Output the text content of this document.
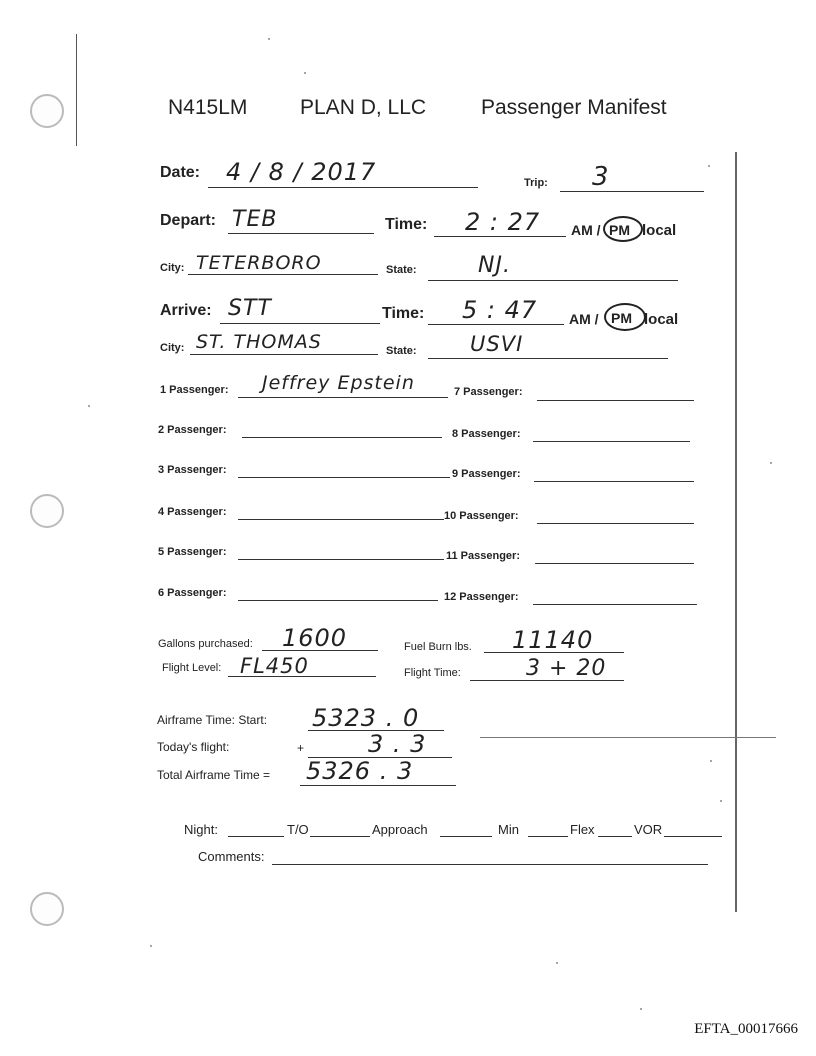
N415LM	PLAN D, LLC	Passenger Manifest
Date: 4 / 8 / 2017	Trip: 3
Depart: TEB	Time: 2 : 27 AM / PM local
City: TETERBORO	State:	NJ.
Arrive: STT	Time: 5 : 47 AM / PM local
City: ST. THOMAS	State:	USVI
1 Passenger: Jeffrey Epstein
2 Passenger:
3 Passenger:
4 Passenger:
5 Passenger:
6 Passenger:
7 Passenger:
8 Passenger:
9 Passenger:
10 Passenger:
11 Passenger:
12 Passenger:
Gallons purchased: 1600	Fuel Burn lbs. 11140
Flight Level: FL450	Flight Time:	3 + 20
Airframe Time: Start: 5323 . 0
Today's flight:	+	3 . 3
Total Airframe Time = 5326 . 3
Night:	T/O	Approach	Min	Flex	VOR
Comments:
EFTA_00017666
